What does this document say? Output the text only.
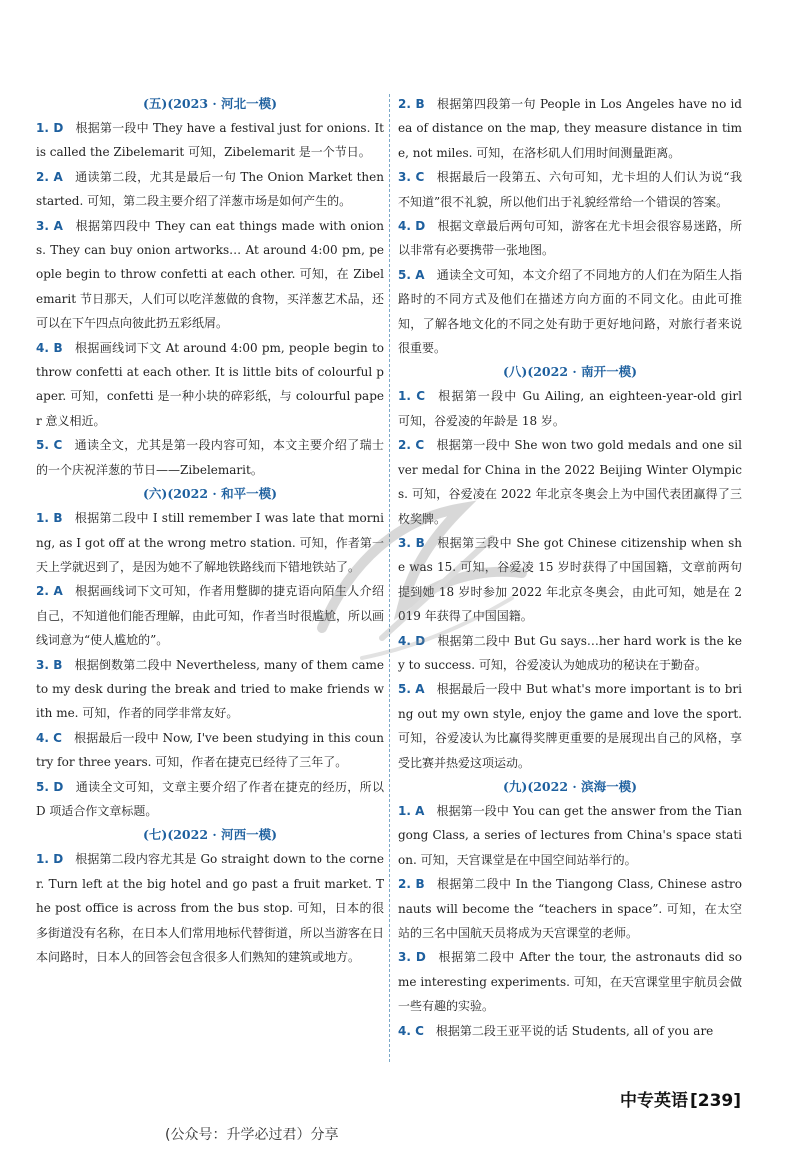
(五)(2023 · 河北一模)
1. D 根据第一段中 They have a festival just for onions. It is called the Zibelemarit 可知，Zibelemarit 是一个节日。
2. A 通读第二段，尤其是最后一句 The Onion Market then started. 可知，第二段主要介绍了洋葱市场是如何产生的。
3. A 根据第四段中 They can eat things made with onions. They can buy onion artworks… At around 4:00 pm, people begin to throw confetti at each other. 可知，在 Zibelemarit 节日那天，人们可以吃洋葱做的食物，买洋葱艺术品，还可以在下午四点向彼此扔五彩纸屑。
4. B 根据画线词下文 At around 4:00 pm, people begin to throw confetti at each other. It is little bits of colourful paper. 可知，confetti 是一种小块的碎彩纸，与 colourful paper 意义相近。
5. C 通读全文，尤其是第一段内容可知，本文主要介绍了瑞士的一个庆祝洋葱的节日——Zibelemarit。
(六)(2022 · 和平一模)
1. B 根据第二段中 I still remember I was late that morning, as I got off at the wrong metro station. 可知，作者第一天上学就迟到了，是因为她不了解地铁路线而下错地铁站了。
2. A 根据画线词下文可知，作者用蹩脚的捷克语向陌生人介绍自己，不知道他们能否理解，由此可知，作者当时很尴尬，所以画线词意为“使人尴尬的”。
3. B 根据倒数第二段中 Nevertheless, many of them came to my desk during the break and tried to make friends with me. 可知，作者的同学非常友好。
4. C 根据最后一段中 Now, I've been studying in this country for three years. 可知，作者在捷克已经待了三年了。
5. D 通读全文可知，文章主要介绍了作者在捷克的经历，所以 D 项适合作文章标题。
(七)(2022 · 河西一模)
1. D 根据第二段内容尤其是 Go straight down to the corner. Turn left at the big hotel and go past a fruit market. The post office is across from the bus stop. 可知，日本的很多街道没有名称，在日本人们常用地标代替街道，所以当游客在日本问路时，日本人的回答会包含很多人们熟知的建筑或地方。
2. B 根据第四段第一句 People in Los Angeles have no idea of distance on the map, they measure distance in time, not miles. 可知，在洛杉矶人们用时间测量距离。
3. C 根据最后一段第五、六句可知，尤卡坦的人们认为说“我不知道”很不礼貌，所以他们出于礼貌经常给一个错误的答案。
4. D 根据文章最后两句可知，游客在尤卡坦会很容易迷路，所以非常有必要携带一张地图。
5. A 通读全文可知，本文介绍了不同地方的人们在为陌生人指路时的不同方式及他们在描述方向方面的不同文化。由此可推知，了解各地文化的不同之处有助于更好地问路，对旅行者来说很重要。
(八)(2022 · 南开一模)
1. C 根据第一段中 Gu Ailing, an eighteen-year-old girl 可知，谷爱凌的年龄是 18 岁。
2. C 根据第一段中 She won two gold medals and one silver medal for China in the 2022 Beijing Winter Olympics. 可知，谷爱凌在 2022 年北京冬奥会上为中国代表团赢得了三枚奖牌。
3. B 根据第三段中 She got Chinese citizenship when she was 15. 可知，谷爱凌 15 岁时获得了中国国籍，文章前两句提到她 18 岁时参加 2022 年北京冬奥会，由此可知，她是在 2019 年获得了中国国籍。
4. D 根据第二段中 But Gu says…her hard work is the key to success. 可知，谷爱凌认为她成功的秘诀在于勤奋。
5. A 根据最后一段中 But what's more important is to bring out my own style, enjoy the game and love the sport. 可知，谷爱凌认为比赢得奖牌更重要的是展现出自己的风格，享受比赛并热爱这项运动。
(九)(2022 · 滨海一模)
1. A 根据第一段中 You can get the answer from the Tiangong Class, a series of lectures from China's space station. 可知，天宫课堂是在中国空间站举行的。
2. B 根据第二段中 In the Tiangong Class, Chinese astronauts will become the “teachers in space”. 可知，在太空站的三名中国航天员将成为天宫课堂的老师。
3. D 根据第二段中 After the tour, the astronauts did some interesting experiments. 可知，在天宫课堂里宇航员会做一些有趣的实验。
4. C 根据第二段王亚平说的话 Students, all of you are
中专英语 [239]
(公众号：升学必过君）分享
